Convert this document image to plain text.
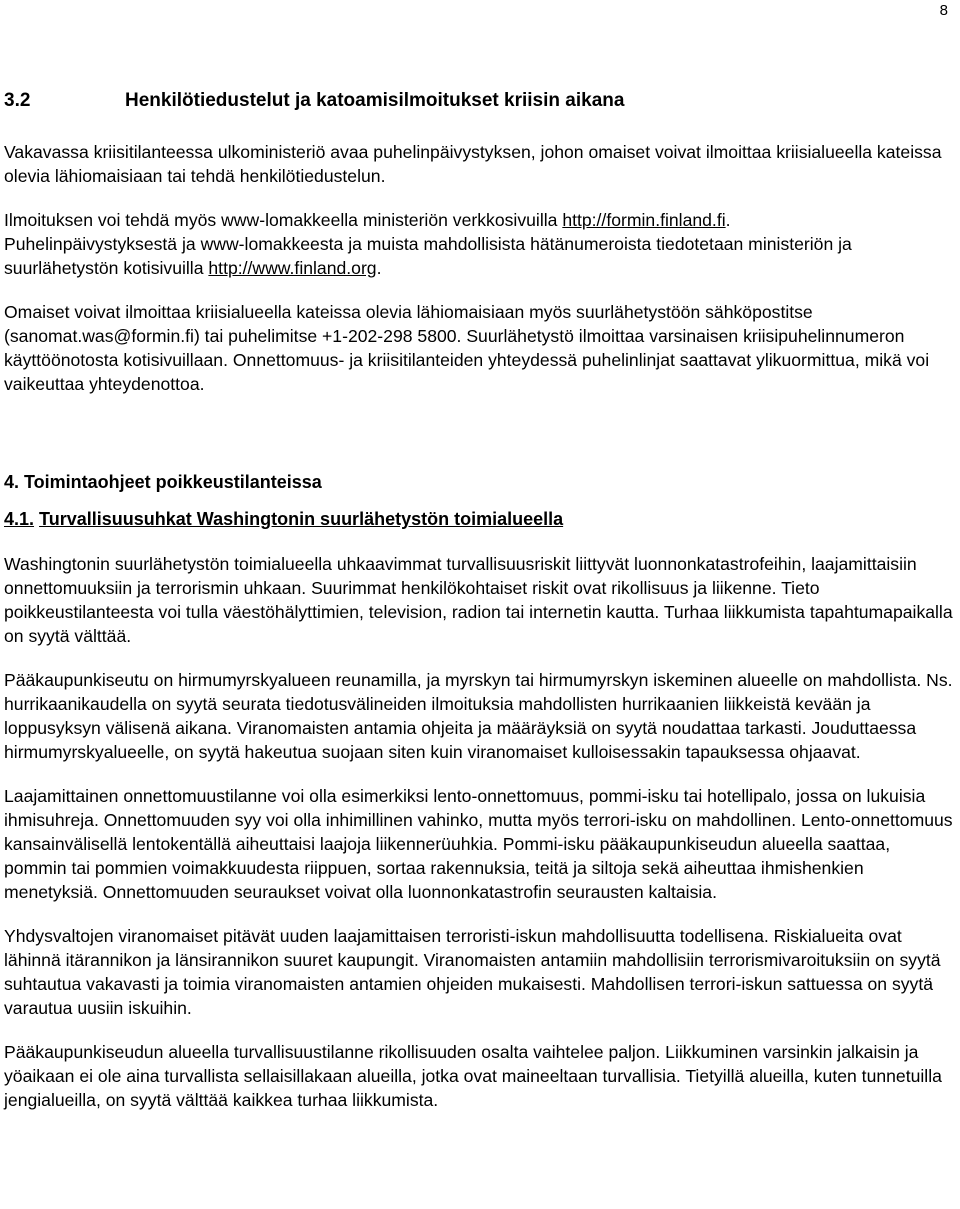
8
3.2	Henkilötiedustelut ja katoamisilmoitukset kriisin aikana

Vakavassa kriisitilanteessa ulkoministeriö avaa puhelinpäivystyksen, johon omaiset voivat ilmoittaa kriisialueella kateissa olevia lähiomaisiaan tai tehdä henkilötiedustelun.

Ilmoituksen voi tehdä myös www-lomakkeella ministeriön verkkosivuilla http://formin.finland.fi.
Puhelinpäivystyksestä ja www-lomakkeesta ja muista mahdollisista hätänumeroista tiedotetaan ministeriön ja suurlähetystön kotisivuilla http://www.finland.org.

Omaiset voivat ilmoittaa kriisialueella kateissa olevia lähiomaisiaan myös suurlähetystöön sähköpostitse (sanomat.was@formin.fi) tai puhelimitse +1-202-298 5800. Suurlähetystö ilmoittaa varsinaisen kriisipuhelinnumeron käyttöönotosta kotisivuillaan. Onnettomuus- ja kriisitilanteiden yhteydessä puhelinlinjat saattavat ylikuormittua, mikä voi vaikeuttaa yhteydenottoa.

4. Toimintaohjeet poikkeustilanteissa
4.1. Turvallisuusuhkat Washingtonin suurlähetystön toimialueella

Washingtonin suurlähetystön toimialueella uhkaavimmat turvallisuusriskit liittyvät luonnonkatastrofeihin, laajamittaisiin onnettomuuksiin ja terrorismin uhkaan. Suurimmat henkilökohtaiset riskit ovat rikollisuus ja liikenne. Tieto poikkeustilanteesta voi tulla väestöhälyttimien, television, radion tai internetin kautta. Turhaa liikkumista tapahtumapaikalla on syytä välttää.

Pääkaupunkiseutu on hirmumyrskyalueen reunamilla, ja myrskyn tai hirmumyrskyn iskeminen alueelle on mahdollista. Ns. hurrikaanikaudella on syytä seurata tiedotusvälineiden ilmoituksia mahdollisten hurrikaanien liikkeistä kevään ja loppusyksyn välisenä aikana. Viranomaisten antamia ohjeita ja määräyksiä on syytä noudattaa tarkasti. Jouduttaessa hirmumyrskyalueelle, on syytä hakeutua suojaan siten kuin viranomaiset kulloisessakin tapauksessa ohjaavat.

Laajamittainen onnettomuustilanne voi olla esimerkiksi lento-onnettomuus, pommi-isku tai hotellipalo, jossa on lukuisia ihmisuhreja. Onnettomuuden syy voi olla inhimillinen vahinko, mutta myös terrori-isku on mahdollinen. Lento-onnettomuus kansainvälisellä lentokentällä aiheuttaisi laajoja liikennerüuhkia. Pommi-isku pääkaupunkiseudun alueella saattaa, pommin tai pommien voimakkuudesta riippuen, sortaa rakennuksia, teitä ja siltoja sekä aiheuttaa ihmishenkien menetyksiä. Onnettomuuden seuraukset voivat olla luonnonkatastrofin seurausten kaltaisia.

Yhdysvaltojen viranomaiset pitävät uuden laajamittaisen terroristi-iskun mahdollisuutta todellisena. Riskialueita ovat lähinnä itärannikon ja länsirannikon suuret kaupungit. Viranomaisten antamiin mahdollisiin terrorismivaroituksiin on syytä suhtautua vakavasti ja toimia viranomaisten antamien ohjeiden mukaisesti. Mahdollisen terrori-iskun sattuessa on syytä varautua uusiin iskuihin.

Pääkaupunkiseudun alueella turvallisuustilanne rikollisuuden osalta vaihtelee paljon. Liikkuminen varsinkin jalkaisin ja yöaikaan ei ole aina turvallista sellaisillakaan alueilla, jotka ovat maineeltaan turvallisia. Tietyillä alueilla, kuten tunnetuilla jengialueilla, on syytä välttää kaikkea turhaa liikkumista.
